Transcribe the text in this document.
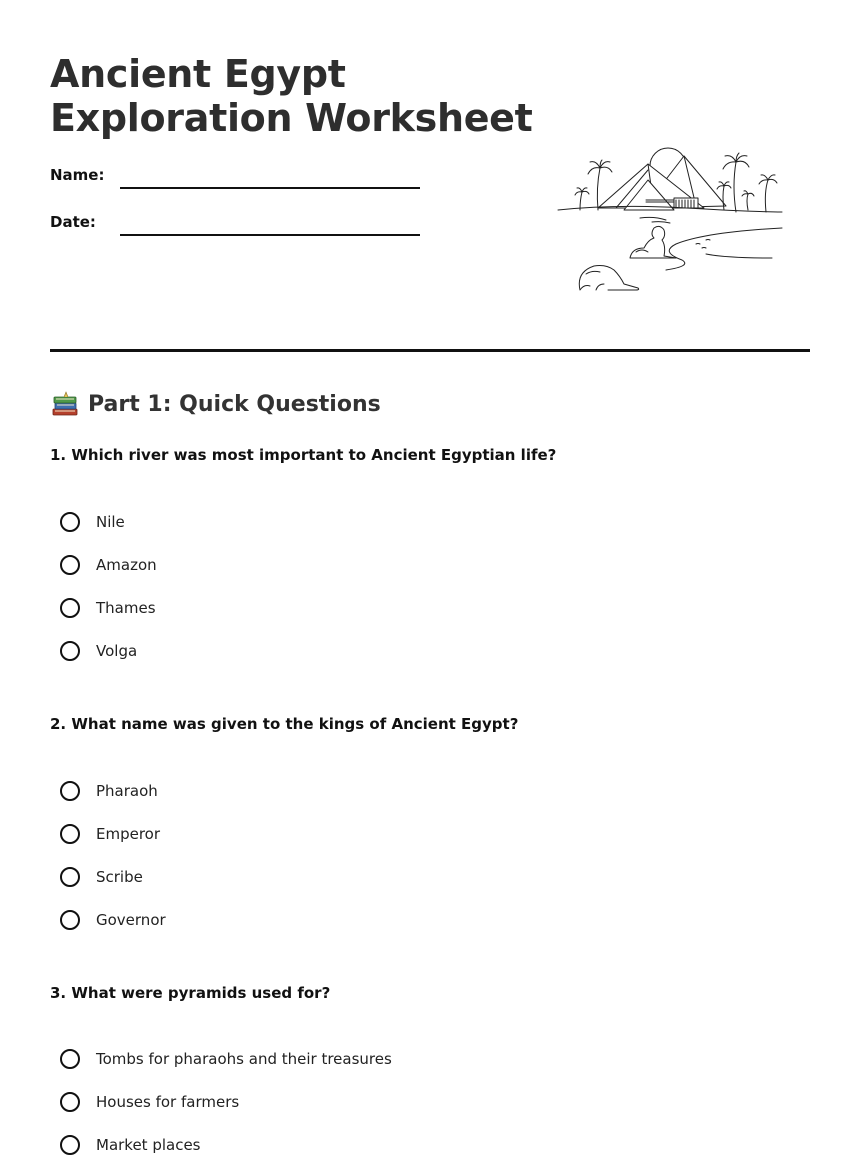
Ancient Egypt
Exploration Worksheet
Name:
Date:
Part 1: Quick Questions
1. Which river was most important to Ancient Egyptian life?
Nile
Amazon
Thames
Volga
2. What name was given to the kings of Ancient Egypt?
Pharaoh
Emperor
Scribe
Governor
3. What were pyramids used for?
Tombs for pharaohs and their treasures
Houses for farmers
Market places
